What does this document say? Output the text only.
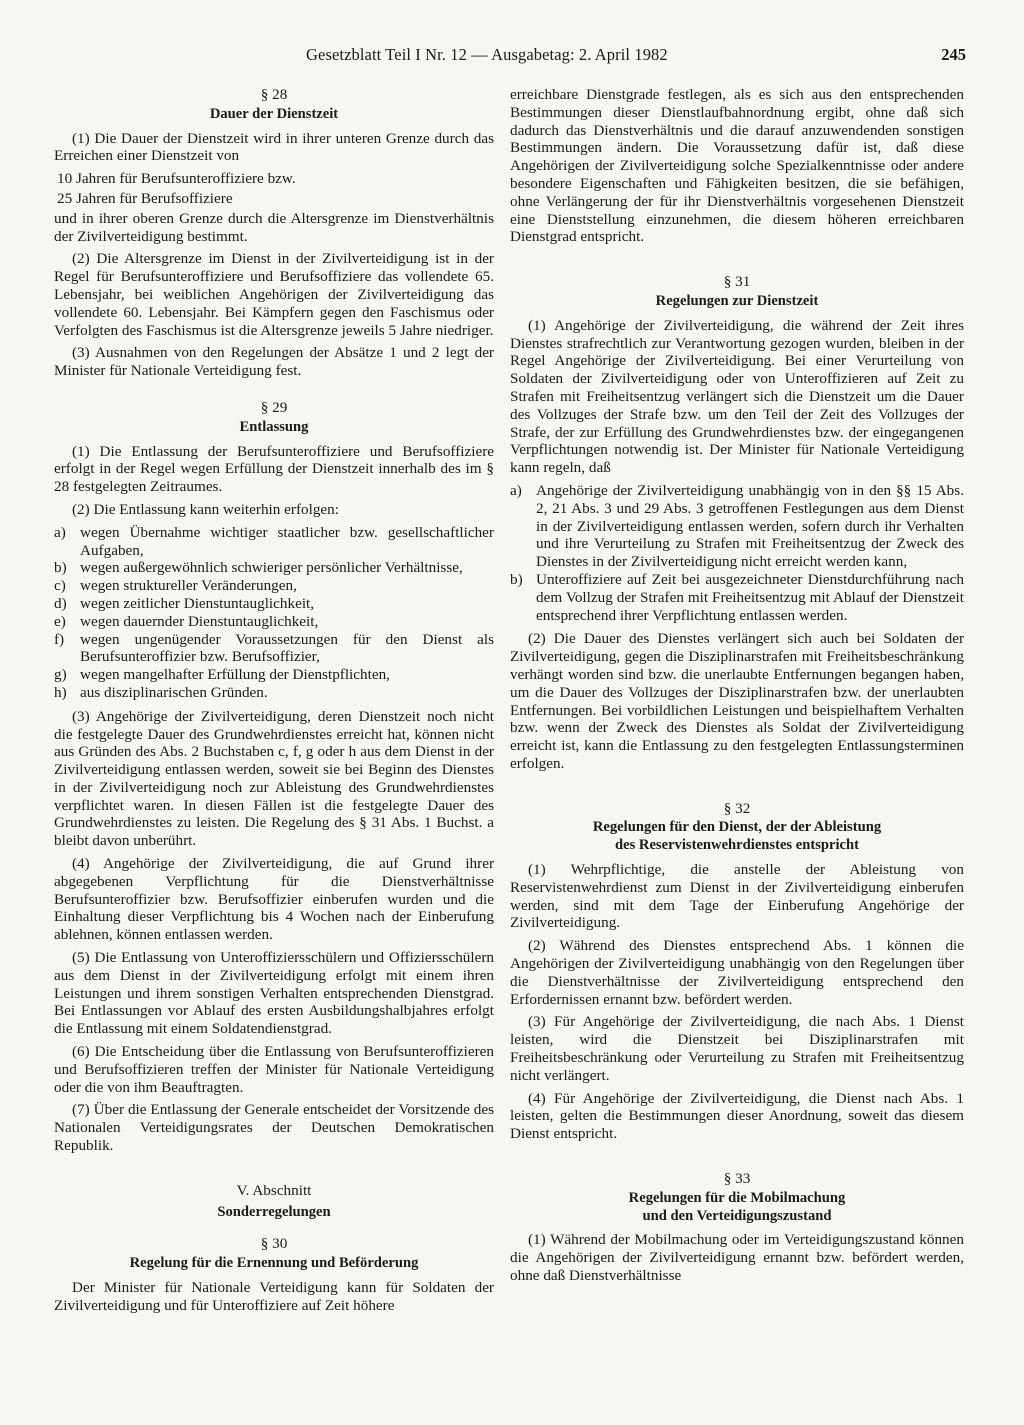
Gesetzblatt Teil I Nr. 12 — Ausgabetag: 2. April 1982	245
§ 28
Dauer der Dienstzeit

(1) Die Dauer der Dienstzeit wird in ihrer unteren Grenze durch das Erreichen einer Dienstzeit von

10 Jahren für Berufsunteroffiziere bzw.

25 Jahren für Berufsoffiziere

und in ihrer oberen Grenze durch die Altersgrenze im Dienstverhältnis der Zivilverteidigung bestimmt.

(2) Die Altersgrenze im Dienst in der Zivilverteidigung ist in der Regel für Berufsunteroffiziere und Berufsoffiziere das vollendete 65. Lebensjahr, bei weiblichen Angehörigen der Zivilverteidigung das vollendete 60. Lebensjahr. Bei Kämpfern gegen den Faschismus oder Verfolgten des Faschismus ist die Altersgrenze jeweils 5 Jahre niedriger.

(3) Ausnahmen von den Regelungen der Absätze 1 und 2 legt der Minister für Nationale Verteidigung fest.

§ 29
Entlassung

(1) Die Entlassung der Berufsunteroffiziere und Berufsoffiziere erfolgt in der Regel wegen Erfüllung der Dienstzeit innerhalb des im § 28 festgelegten Zeitraumes.

(2) Die Entlassung kann weiterhin erfolgen:

a) wegen Übernahme wichtiger staatlicher bzw. gesellschaftlicher Aufgaben,
b) wegen außergewöhnlich schwieriger persönlicher Verhältnisse,
c) wegen struktureller Veränderungen,
d) wegen zeitlicher Dienstuntauglichkeit,
e) wegen dauernder Dienstuntauglichkeit,
f)	wegen ungenügender Voraussetzungen für den Dienst als Berufsunteroffizier bzw. Berufsoffizier,
g) wegen mangelhafter Erfüllung der Dienstpflichten,
h) aus disziplinarischen Gründen.

(3) Angehörige der Zivilverteidigung, deren Dienstzeit noch nicht die festgelegte Dauer des Grundwehrdienstes erreicht hat, können nicht aus Gründen des Abs. 2 Buchstaben c, f, g oder h aus dem Dienst in der Zivilverteidigung entlassen werden, soweit sie bei Beginn des Dienstes in der Zivilverteidigung noch zur Ableistung des Grundwehrdienstes verpflichtet waren. In diesen Fällen ist die festgelegte Dauer des Grundwehrdienstes zu leisten. Die Regelung des § 31 Abs. 1 Buchst. a bleibt davon unberührt.

(4) Angehörige der Zivilverteidigung, die auf Grund ihrer abgegebenen Verpflichtung für die Dienstverhältnisse Berufsunteroffizier bzw. Berufsoffizier einberufen wurden und die Einhaltung dieser Verpflichtung bis 4 Wochen nach der Einberufung ablehnen, können entlassen werden.

(5) Die Entlassung von Unteroffiziersschülern und Offiziersschülern aus dem Dienst in der Zivilverteidigung erfolgt mit einem ihren Leistungen und ihrem sonstigen Verhalten entsprechenden Dienstgrad. Bei Entlassungen vor Ablauf des ersten Ausbildungshalbjahres erfolgt die Entlassung mit einem Soldatendienstgrad.

(6) Die Entscheidung über die Entlassung von Berufsunteroffizieren und Berufsoffizieren treffen der Minister für Nationale Verteidigung oder die von ihm Beauftragten.

(7) Über die Entlassung der Generale entscheidet der Vorsitzende des Nationalen Verteidigungsrates der Deutschen Demokratischen Republik.

V. Abschnitt
Sonderregelungen
§ 30
Regelung für die Ernennung und Beförderung

Der Minister für Nationale Verteidigung kann für Soldaten der Zivilverteidigung und für Unteroffiziere auf Zeit höhere

erreichbare Dienstgrade festlegen, als es sich aus den entsprechenden Bestimmungen dieser Dienstlaufbahnordnung ergibt, ohne daß sich dadurch das Dienstverhältnis und die darauf anzuwendenden sonstigen Bestimmungen ändern. Die Voraussetzung dafür ist, daß diese Angehörigen der Zivilverteidigung solche Spezialkenntnisse oder andere besondere Eigenschaften und Fähigkeiten besitzen, die sie befähigen, ohne Verlängerung der für ihr Dienstverhältnis vorgesehenen Dienstzeit eine Dienststellung einzunehmen, die diesem höheren erreichbaren Dienstgrad entspricht.

§ 31
Regelungen zur Dienstzeit

(1) Angehörige der Zivilverteidigung, die während der Zeit ihres Dienstes strafrechtlich zur Verantwortung gezogen wurden, bleiben in der Regel Angehörige der Zivilverteidigung. Bei einer Verurteilung von Soldaten der Zivilverteidigung oder von Unteroffizieren auf Zeit zu Strafen mit Freiheitsentzug verlängert sich die Dienstzeit um die Dauer des Vollzuges der Strafe bzw. um den Teil der Zeit des Vollzuges der Strafe, der zur Erfüllung des Grundwehrdienstes bzw. der eingegangenen Verpflichtungen notwendig ist. Der Minister für Nationale Verteidigung kann regeln, daß

a) Angehörige der Zivilverteidigung unabhängig von in den §§ 15 Abs. 2, 21 Abs. 3 und 29 Abs. 3 getroffenen Festlegungen aus dem Dienst in der Zivilverteidigung entlassen werden, sofern durch ihr Verhalten und ihre Verurteilung zu Strafen mit Freiheitsentzug der Zweck des Dienstes in der Zivilverteidigung nicht erreicht werden kann,
b) Unteroffiziere auf Zeit bei ausgezeichneter Dienstdurchführung nach dem Vollzug der Strafen mit Freiheitsentzug mit Ablauf der Dienstzeit entsprechend ihrer Verpflichtung entlassen werden.

(2) Die Dauer des Dienstes verlängert sich auch bei Soldaten der Zivilverteidigung, gegen die Disziplinarstrafen mit Freiheitsbeschränkung verhängt worden sind bzw. die unerlaubte Entfernungen begangen haben, um die Dauer des Vollzuges der Disziplinarstrafen bzw. der unerlaubten Entfernungen. Bei vorbildlichen Leistungen und beispielhaftem Verhalten bzw. wenn der Zweck des Dienstes als Soldat der Zivilverteidigung erreicht ist, kann die Entlassung zu den festgelegten Entlassungsterminen erfolgen.

§ 32
Regelungen für den Dienst, der der Ableistung
des Reservistenwehrdienstes entspricht

(1) Wehrpflichtige, die anstelle der Ableistung von Reservistenwehrdienst zum Dienst in der Zivilverteidigung einberufen werden, sind mit dem Tage der Einberufung Angehörige der Zivilverteidigung.

(2) Während des Dienstes entsprechend Abs. 1 können die Angehörigen der Zivilverteidigung unabhängig von den Regelungen über die Dienstverhältnisse der Zivilverteidigung entsprechend den Erfordernissen ernannt bzw. befördert werden.

(3) Für Angehörige der Zivilverteidigung, die nach Abs. 1 Dienst leisten, wird die Dienstzeit bei Disziplinarstrafen mit Freiheitsbeschränkung oder Verurteilung zu Strafen mit Freiheitsentzug nicht verlängert.

(4) Für Angehörige der Zivilverteidigung, die Dienst nach Abs. 1 leisten, gelten die Bestimmungen dieser Anordnung, soweit das diesem Dienst entspricht.

§ 33
Regelungen für die Mobilmachung
und den Verteidigungszustand

(1) Während der Mobilmachung oder im Verteidigungszustand können die Angehörigen der Zivilverteidigung ernannt bzw. befördert werden, ohne daß Dienstverhältnisse
